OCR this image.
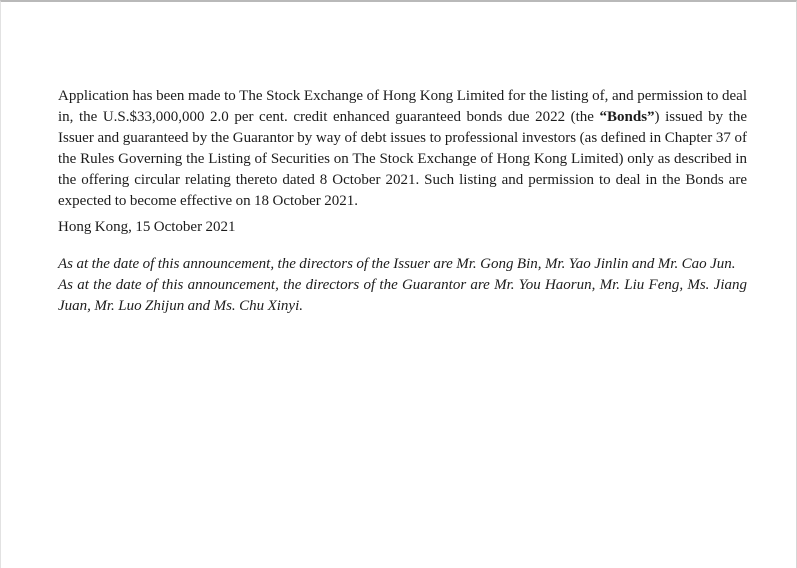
Application has been made to The Stock Exchange of Hong Kong Limited for the listing of, and permission to deal in, the U.S.$33,000,000 2.0 per cent. credit enhanced guaranteed bonds due 2022 (the “Bonds”) issued by the Issuer and guaranteed by the Guarantor by way of debt issues to professional investors (as defined in Chapter 37 of the Rules Governing the Listing of Securities on The Stock Exchange of Hong Kong Limited) only as described in the offering circular relating thereto dated 8 October 2021. Such listing and permission to deal in the Bonds are expected to become effective on 18 October 2021.

Hong Kong, 15 October 2021

As at the date of this announcement, the directors of the Issuer are Mr. Gong Bin, Mr. Yao Jinlin and Mr. Cao Jun.

As at the date of this announcement, the directors of the Guarantor are Mr. You Haorun, Mr. Liu Feng, Ms. Jiang Juan, Mr. Luo Zhijun and Ms. Chu Xinyi.
